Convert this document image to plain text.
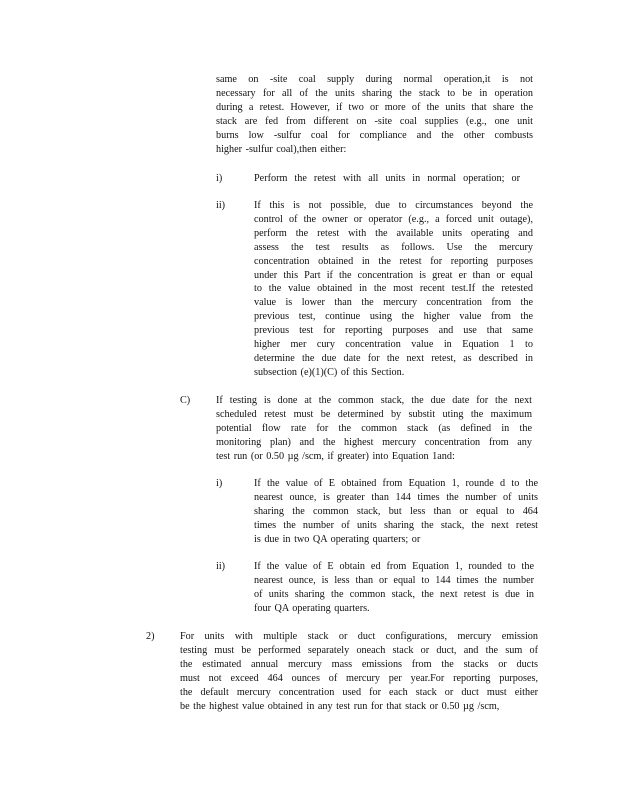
same on -site coal supply during normal operation,it is not
necessary for all of the units sharing the stack to be in operation
during a retest. However, if two or more of the units that share the
stack are fed from different on -site coal supplies (e.g., one unit
burns low -sulfur coal for compliance and the other combusts
higher -sulfur coal),then either:
i)	Perform the retest with all units in normal operation; or
ii)	If this is not possible, due to circumstances beyond the
control of the owner or operator (e.g., a forced unit outage),
perform the retest with the available units operating and
assess the test results as follows. Use the mercury
concentration obtained in the retest for reporting purposes
under this Part if the concentration is great er than or equal
to the value obtained in the most recent test.If the retested
value is lower than the mercury concentration from the
previous test, continue using the higher value from the
previous test for reporting purposes and use that same
higher mer cury concentration value in Equation 1 to
determine the due date for the next retest, as described in
subsection (e)(1)(C) of this Section.
C)	If testing is done at the common stack, the due date for the next
scheduled retest must be determined by substit uting the maximum
potential flow rate for the common stack (as defined in the
monitoring plan) and the highest mercury concentration from any
test run (or 0.50 µg /scm, if greater) into Equation 1and:
i)	If the value of E obtained from Equation 1, rounde d to the
nearest ounce, is greater than 144 times the number of units
sharing the common stack, but less than or equal to 464
times the number of units sharing the stack, the next retest
is due in two QA operating quarters; or
ii)	If the value of E obtain ed from Equation 1, rounded to the
nearest ounce, is less than or equal to 144 times the number
of units sharing the common stack, the next retest is due in
four QA operating quarters.
2)	For units with multiple stack or duct configurations, mercury emission
testing must be performed separately oneach stack or duct, and the sum of
the estimated annual mercury mass emissions from the stacks or ducts
must not exceed 464 ounces of mercury per year.For reporting purposes,
the default mercury concentration used for each stack or duct must either
be the highest value obtained in any test run for that stack or 0.50 µg /scm,
